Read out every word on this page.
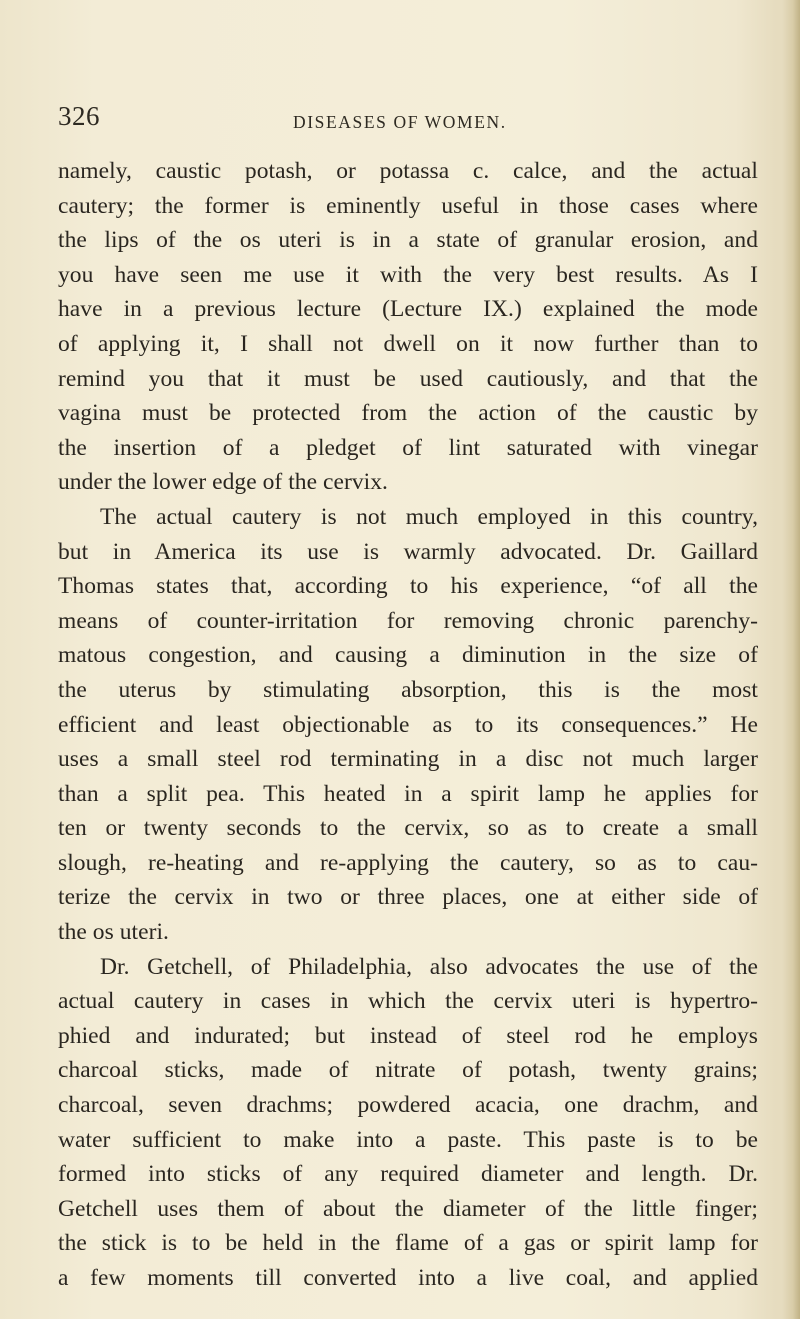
326	DISEASES OF WOMEN.
namely, caustic potash, or potassa c. calce, and the actual
cautery; the former is eminently useful in those cases where
the lips of the os uteri is in a state of granular erosion, and
you have seen me use it with the very best results. As I
have in a previous lecture (Lecture IX.) explained the mode
of applying it, I shall not dwell on it now further than to
remind you that it must be used cautiously, and that the
vagina must be protected from the action of the caustic by
the insertion of a pledget of lint saturated with vinegar
under the lower edge of the cervix.
The actual cautery is not much employed in this country,
but in America its use is warmly advocated. Dr. Gaillard
Thomas states that, according to his experience, “of all the
means of counter-irritation for removing chronic parenchy-
matous congestion, and causing a diminution in the size of
the uterus by stimulating absorption, this is the most
efficient and least objectionable as to its consequences.” He
uses a small steel rod terminating in a disc not much larger
than a split pea. This heated in a spirit lamp he applies for
ten or twenty seconds to the cervix, so as to create a small
slough, re-heating and re-applying the cautery, so as to cau-
terize the cervix in two or three places, one at either side of
the os uteri.
Dr. Getchell, of Philadelphia, also advocates the use of the
actual cautery in cases in which the cervix uteri is hypertro-
phied and indurated; but instead of steel rod he employs
charcoal sticks, made of nitrate of potash, twenty grains;
charcoal, seven drachms; powdered acacia, one drachm, and
water sufficient to make into a paste. This paste is to be
formed into sticks of any required diameter and length. Dr.
Getchell uses them of about the diameter of the little finger;
the stick is to be held in the flame of a gas or spirit lamp for
a few moments till converted into a live coal, and applied
